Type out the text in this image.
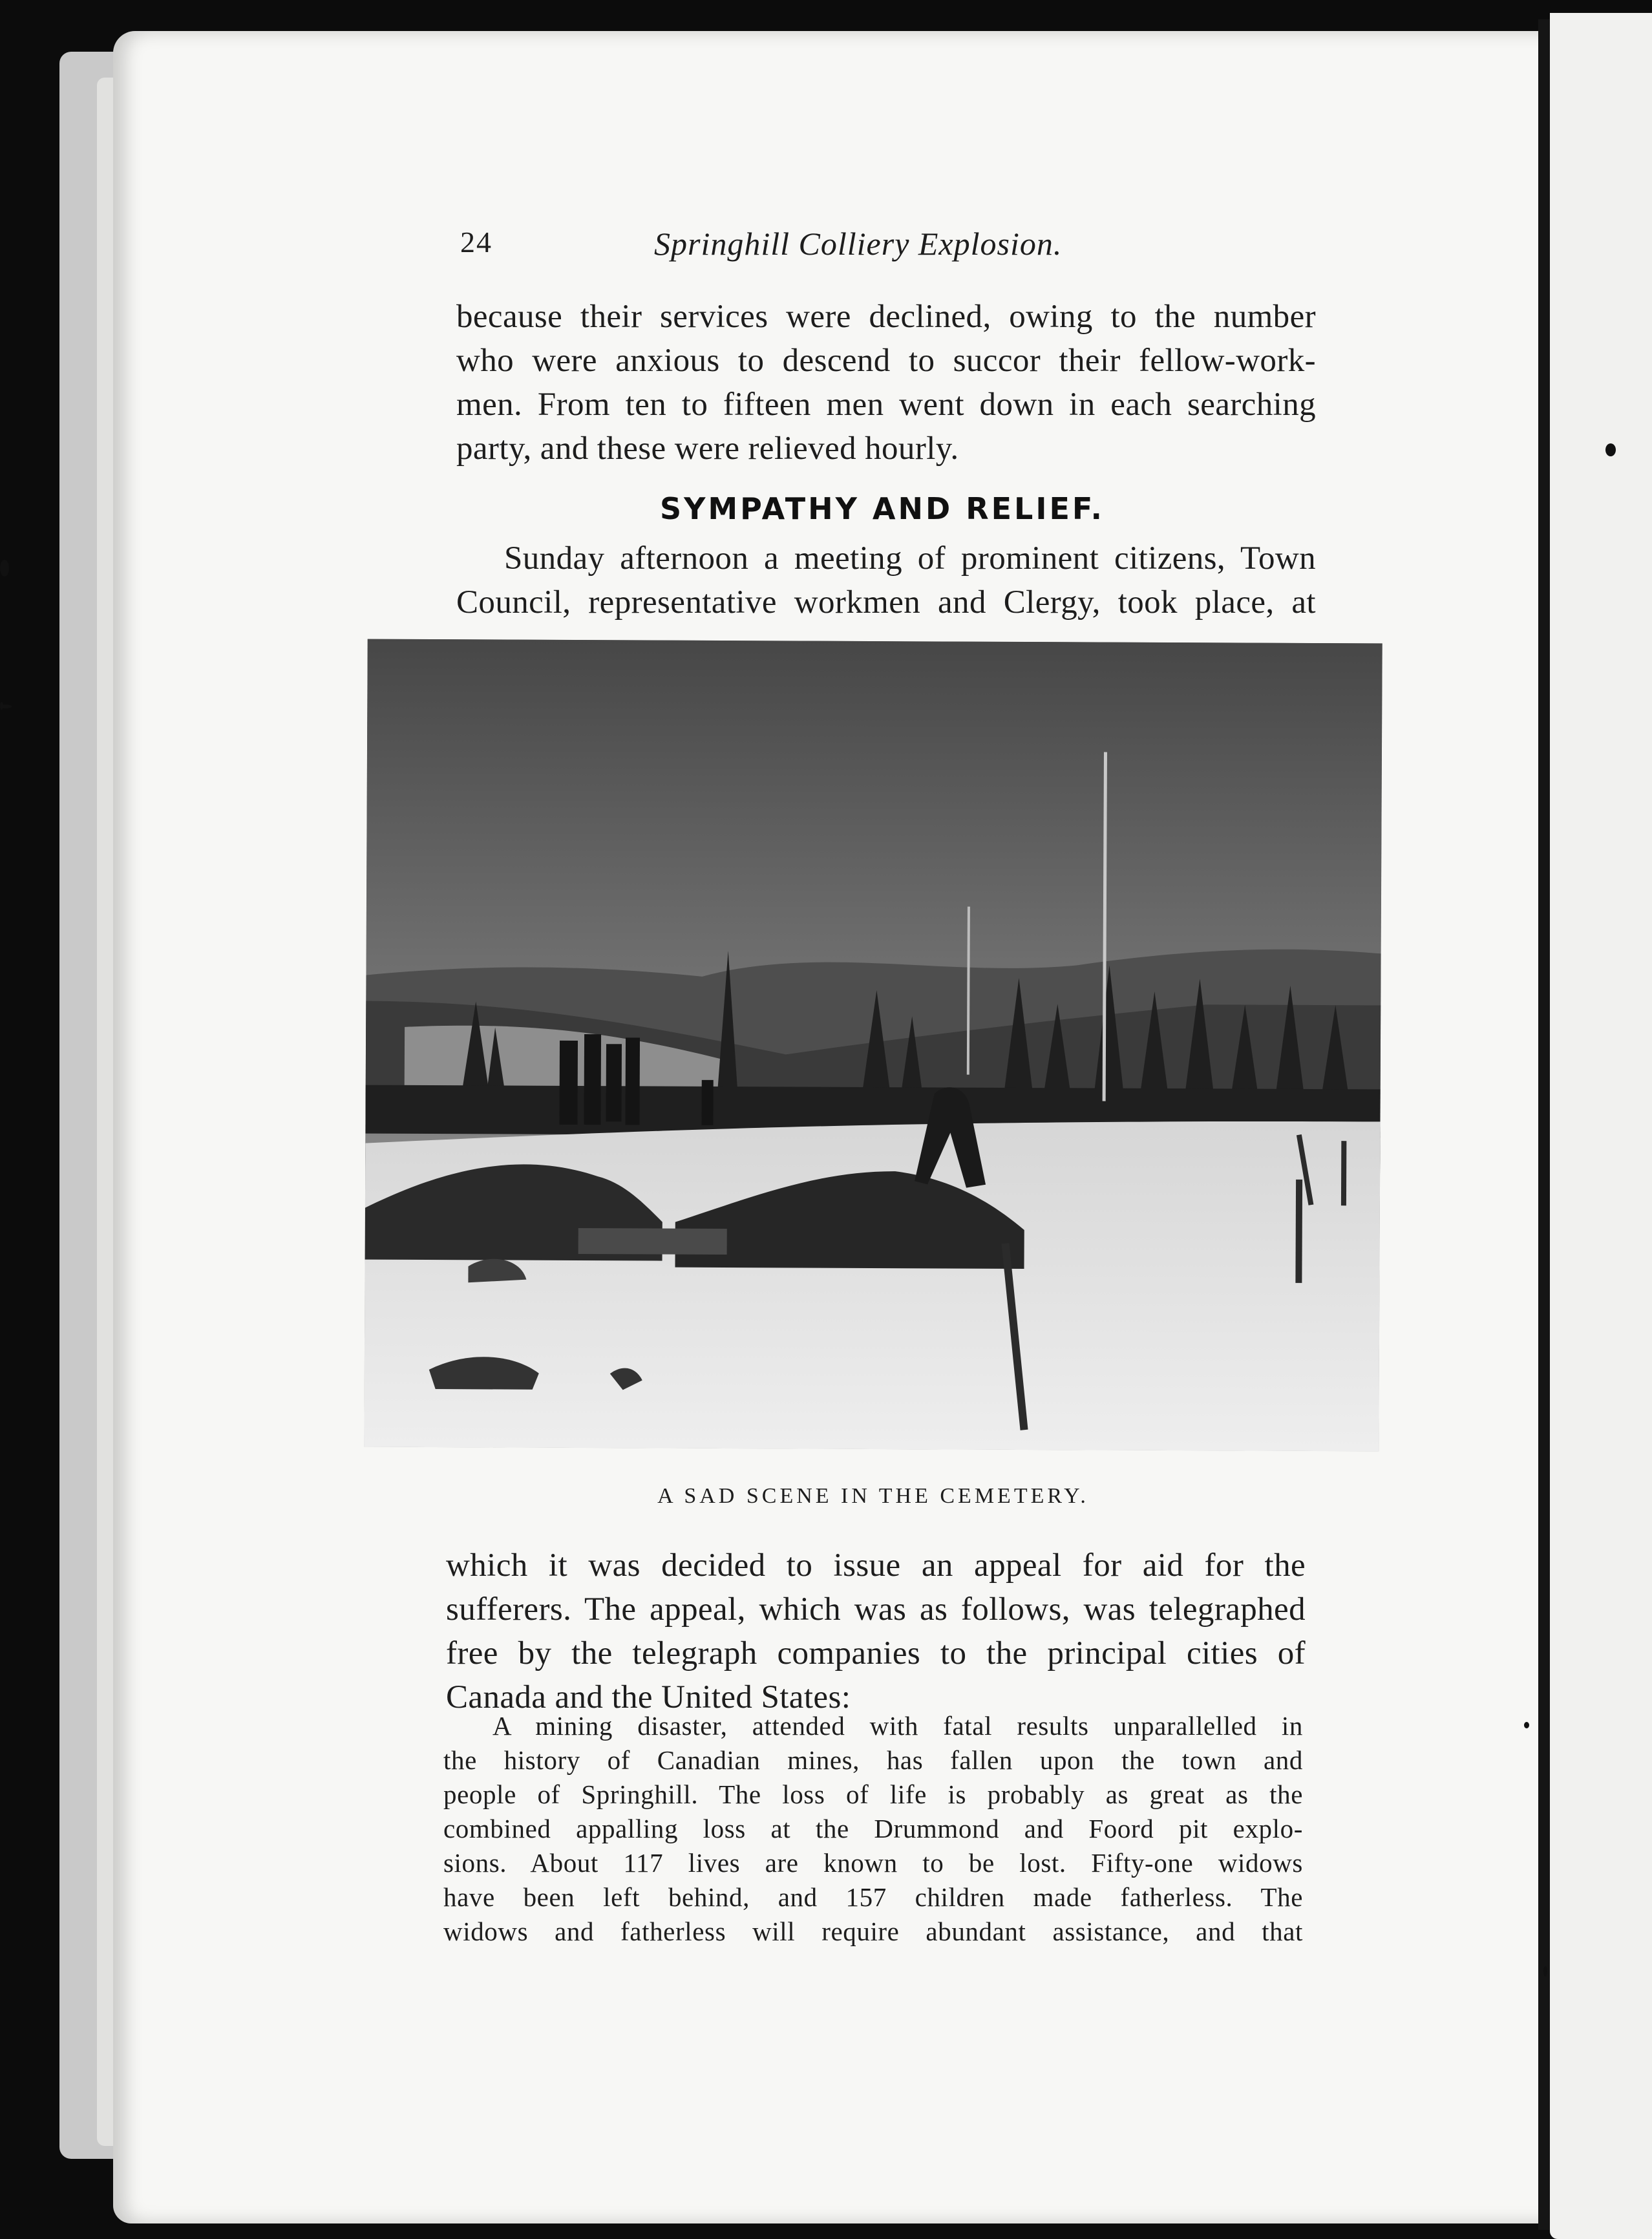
24	Springhill Colliery Explosion.

because their services were declined, owing to the number
who were anxious to descend to succor their fellow-work-
men. From ten to fifteen men went down in each searching
party, and these were relieved hourly.

SYMPATHY AND RELIEF.

Sunday afternoon a meeting of prominent citizens, Town
Council, representative workmen and Clergy, took place, at

A SAD SCENE IN THE CEMETERY.

which it was decided to issue an appeal for aid for the
sufferers. The appeal, which was as follows, was telegraphed
free by the telegraph companies to the principal cities of
Canada and the United States:

A mining disaster, attended with fatal results unparallelled in
the history of Canadian mines, has fallen upon the town and
people of Springhill. The loss of life is probably as great as the
combined appalling loss at the Drummond and Foord pit explo-
sions. About 117 lives are known to be lost. Fifty-one widows
have been left behind, and 157 children made fatherless. The
widows and fatherless will require abundant assistance, and that
